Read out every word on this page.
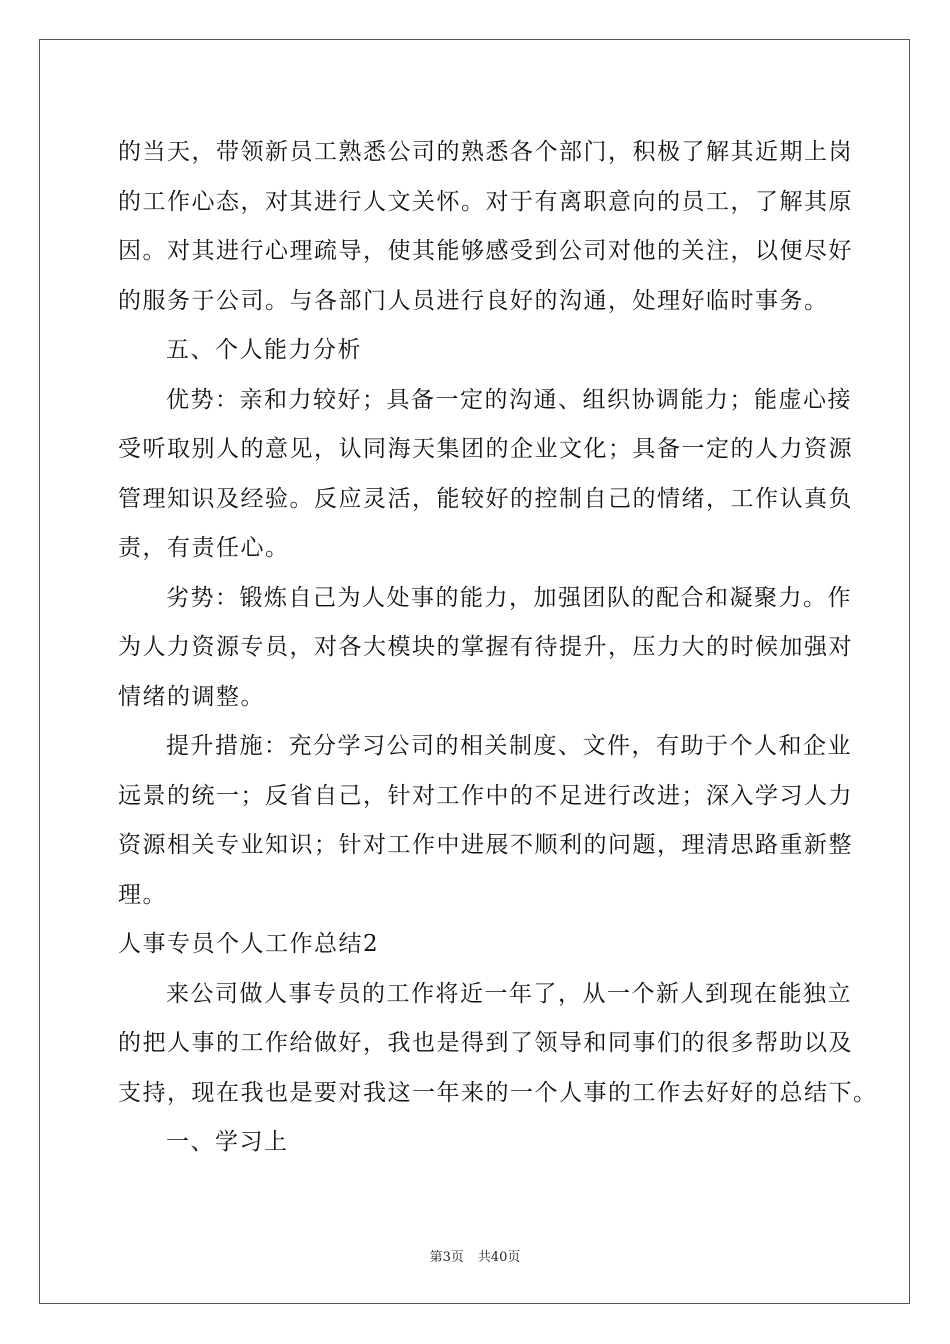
的当天，带领新员工熟悉公司的熟悉各个部门，积极了解其近期上岗

的工作心态，对其进行人文关怀。对于有离职意向的员工，了解其原

因。对其进行心理疏导，使其能够感受到公司对他的关注，以便尽好

的服务于公司。与各部门人员进行良好的沟通，处理好临时事务。

五、个人能力分析

优势：亲和力较好；具备一定的沟通、组织协调能力；能虚心接

受听取别人的意见，认同海天集团的企业文化；具备一定的人力资源

管理知识及经验。反应灵活，能较好的控制自己的情绪，工作认真负

责，有责任心。

劣势：锻炼自己为人处事的能力，加强团队的配合和凝聚力。作

为人力资源专员，对各大模块的掌握有待提升，压力大的时候加强对

情绪的调整。

提升措施：充分学习公司的相关制度、文件，有助于个人和企业

远景的统一；反省自己，针对工作中的不足进行改进；深入学习人力

资源相关专业知识；针对工作中进展不顺利的问题，理清思路重新整

理。

人事专员个人工作总结2

来公司做人事专员的工作将近一年了，从一个新人到现在能独立

的把人事的工作给做好，我也是得到了领导和同事们的很多帮助以及

支持，现在我也是要对我这一年来的一个人事的工作去好好的总结下。

一、学习上

第3页 共40页
